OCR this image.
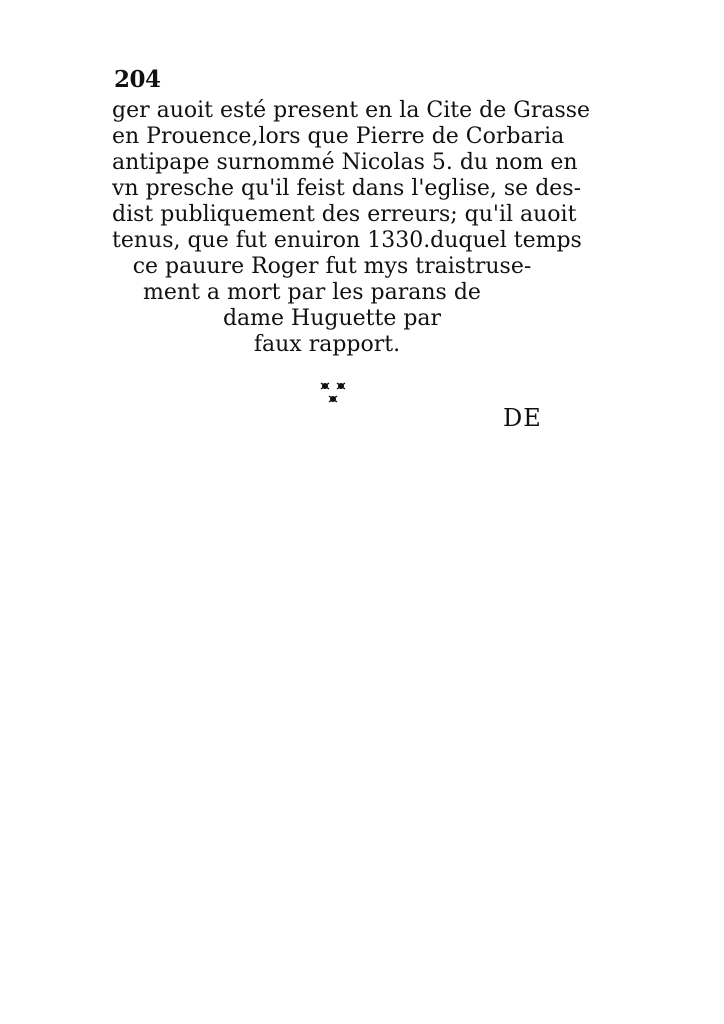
204
ger auoit esté present en la Cite de Grasse
en Prouence,lors que Pierre de Corbaria
antipape surnommé Nicolas 5. du nom en
vn presche qu'il feist dans l'eglise, se des-
dist publiquement des erreurs; qu'il auoit
tenus, que fut enuiron 1330.duquel temps
ce pauure Roger fut mys traistruse-
ment a mort par les parans de
dame Huguette par
faux rapport.
DE
